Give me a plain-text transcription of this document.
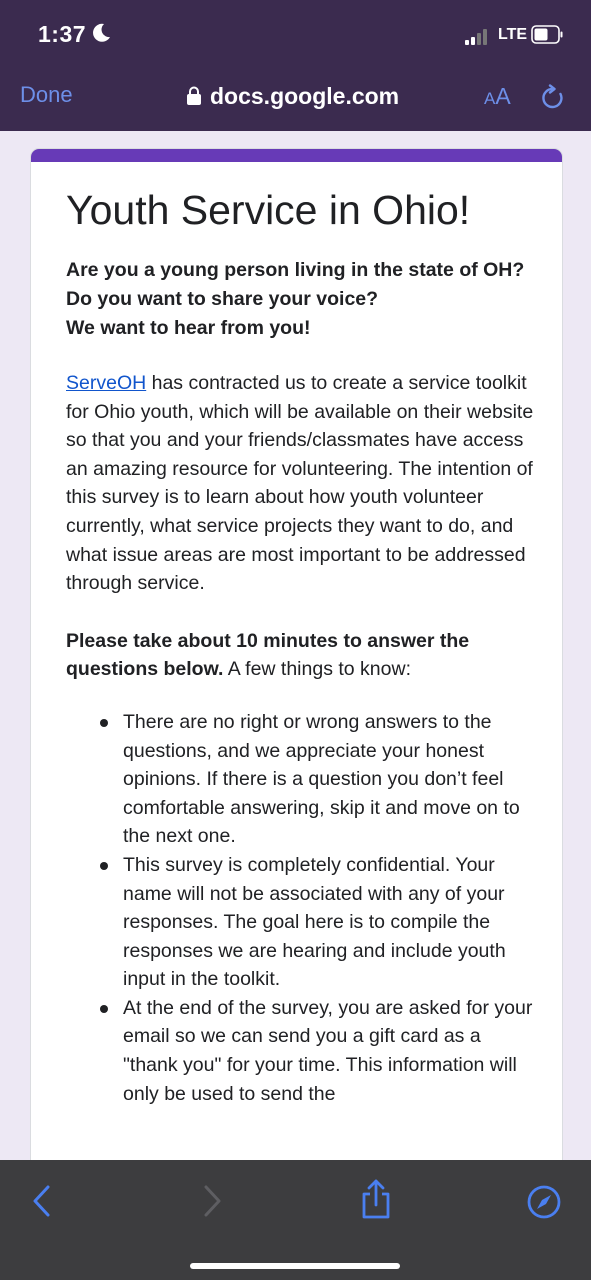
1:37	LTE
Done	docs.google.com	AA
Youth Service in Ohio!
Are you a young person living in the state of OH?
Do you want to share your voice?
We want to hear from you!

ServeOH has contracted us to create a service toolkit for Ohio youth, which will be available on their website so that you and your friends/classmates have access an amazing resource for volunteering. The intention of this survey is to learn about how youth volunteer currently, what service projects they want to do, and what issue areas are most important to be addressed through service.

Please take about 10 minutes to answer the questions below. A few things to know:

There are no right or wrong answers to the questions, and we appreciate your honest opinions. If there is a question you don’t feel comfortable answering, skip it and move on to the next one.
This survey is completely confidential. Your name will not be associated with any of your responses. The goal here is to compile the responses we are hearing and include youth input in the toolkit.
At the end of the survey, you are asked for your email so we can send you a gift card as a "thank you" for your time. This information will only be used to send the
